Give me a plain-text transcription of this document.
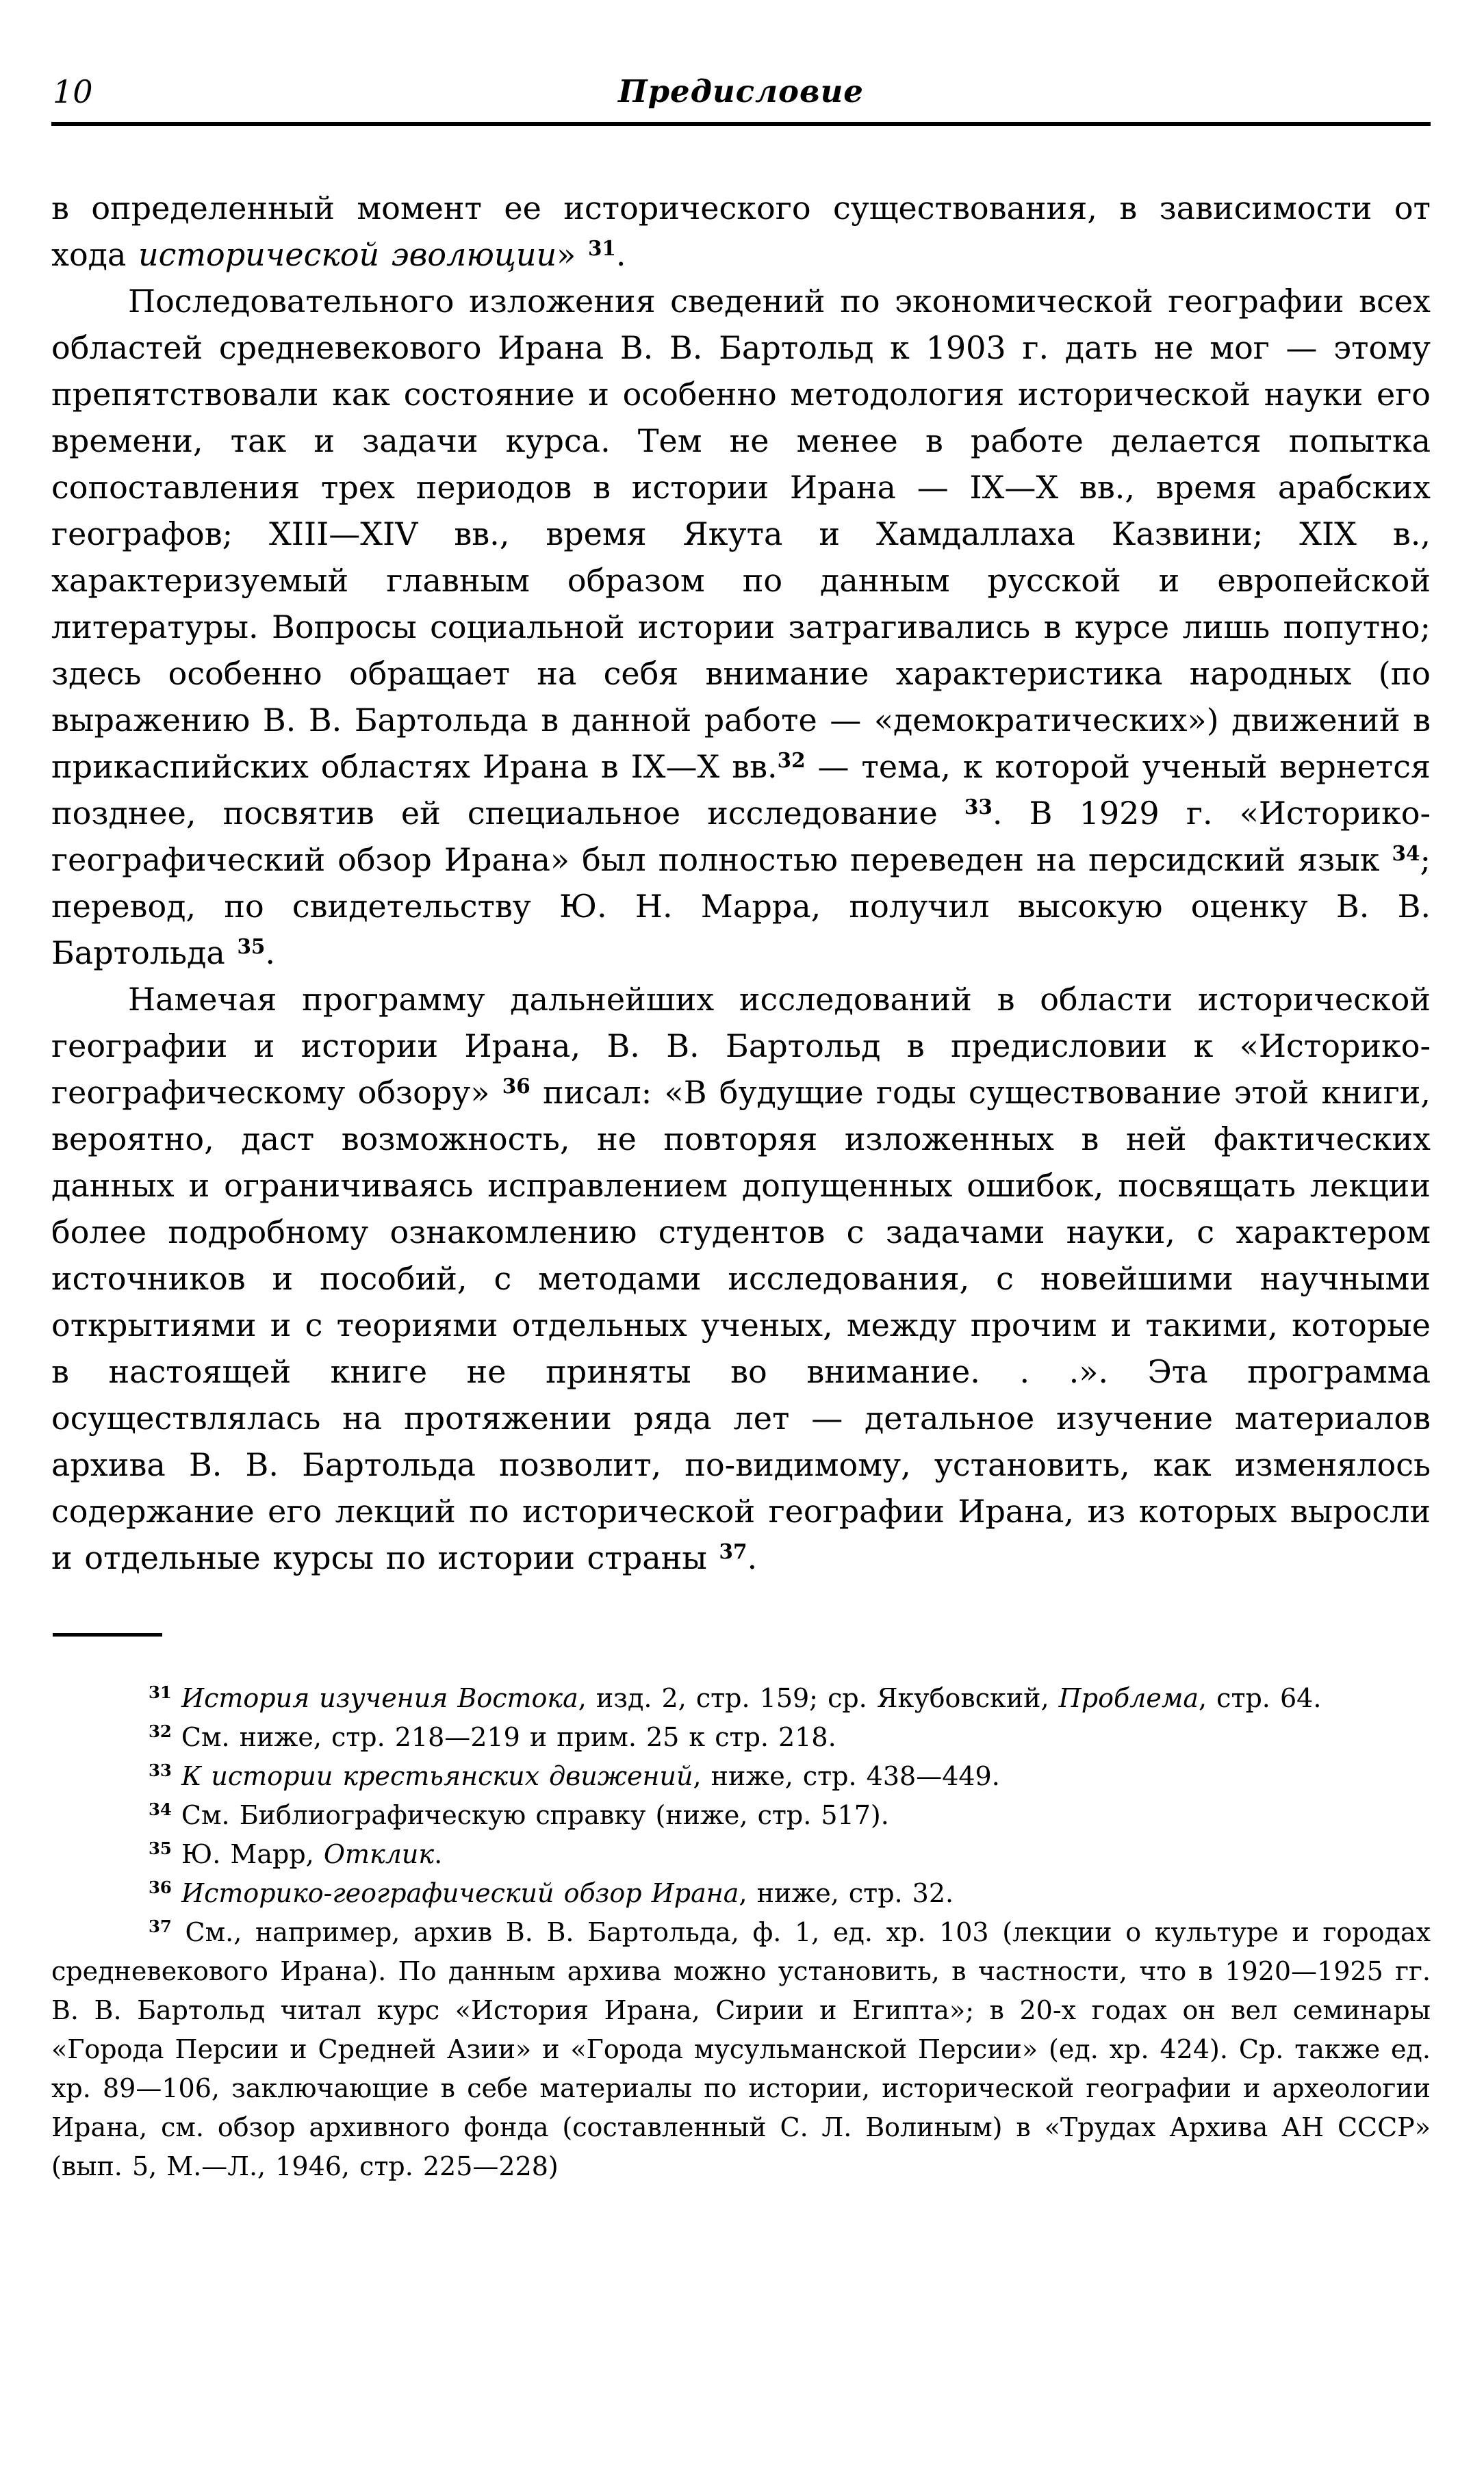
10	Предисловие

в определенный момент ее исторического существования, в зависимости от хода исторической эволюции» $^{31}$.

Последовательного изложения сведений по экономической географии всех областей средневекового Ирана В. В. Бартольд к 1903 г. дать не мог — этому препятствовали как состояние и особенно методология исторической науки его времени, так и задачи курса. Тем не менее в работе делается попытка сопоставления трех периодов в истории Ирана — IX—X вв., время арабских географов; XIII—XIV вв., время Якута и Хамдаллаха Казвини; XIX в., характеризуемый главным образом по данным русской и европейской литературы. Вопросы социальной истории затрагивались в курсе лишь попутно; здесь особенно обращает на себя внимание характеристика народных (по выражению В. В. Бартольда в данной работе — «демократических») движений в прикаспийских областях Ирана в IX—X вв.$^{32}$ — тема, к которой ученый вернется позднее, посвятив ей специальное исследование $^{33}$. В 1929 г. «Историко-географический обзор Ирана» был полностью переведен на персидский язык $^{34}$; перевод, по свидетельству Ю. Н. Марра, получил высокую оценку В. В. Бартольда $^{35}$.

Намечая программу дальнейших исследований в области исторической географии и истории Ирана, В. В. Бартольд в предисловии к «Историко-географическому обзору» $^{36}$ писал: «В будущие годы существование этой книги, вероятно, даст возможность, не повторяя изложенных в ней фактических данных и ограничиваясь исправлением допущенных ошибок, посвящать лекции более подробному ознакомлению студентов с задачами науки, с характером источников и пособий, с методами исследования, с новейшими научными открытиями и с теориями отдельных ученых, между прочим и такими, которые в настоящей книге не приняты во внимание. . .». Эта программа осуществлялась на протяжении ряда лет — детальное изучение материалов архива В. В. Бартольда позволит, по-видимому, установить, как изменялось содержание его лекций по исторической географии Ирана, из которых выросли и отдельные курсы по истории страны $^{37}$.

$^{31}$ История изучения Востока, изд. 2, стр. 159; ср. Якубовский, Проблема, стр. 64.

$^{32}$ См. ниже, стр. 218—219 и прим. 25 к стр. 218.

$^{33}$ К истории крестьянских движений, ниже, стр. 438—449.

$^{34}$ См. Библиографическую справку (ниже, стр. 517).

$^{35}$ Ю. Марр, Отклик.

$^{36}$ Историко-географический обзор Ирана, ниже, стр. 32.

$^{37}$ См., например, архив В. В. Бартольда, ф. 1, ед. хр. 103 (лекции о культуре и городах средневекового Ирана). По данным архива можно установить, в частности, что в 1920—1925 гг. В. В. Бартольд читал курс «История Ирана, Сирии и Египта»; в 20-х годах он вел семинары «Города Персии и Средней Азии» и «Города мусульманской Персии» (ед. хр. 424). Ср. также ед. хр. 89—106, заключающие в себе материалы по истории, исторической географии и археологии Ирана, см. обзор архивного фонда (составленный С. Л. Волиным) в «Трудах Архива АН СССР» (вып. 5, М.—Л., 1946, стр. 225—228)
